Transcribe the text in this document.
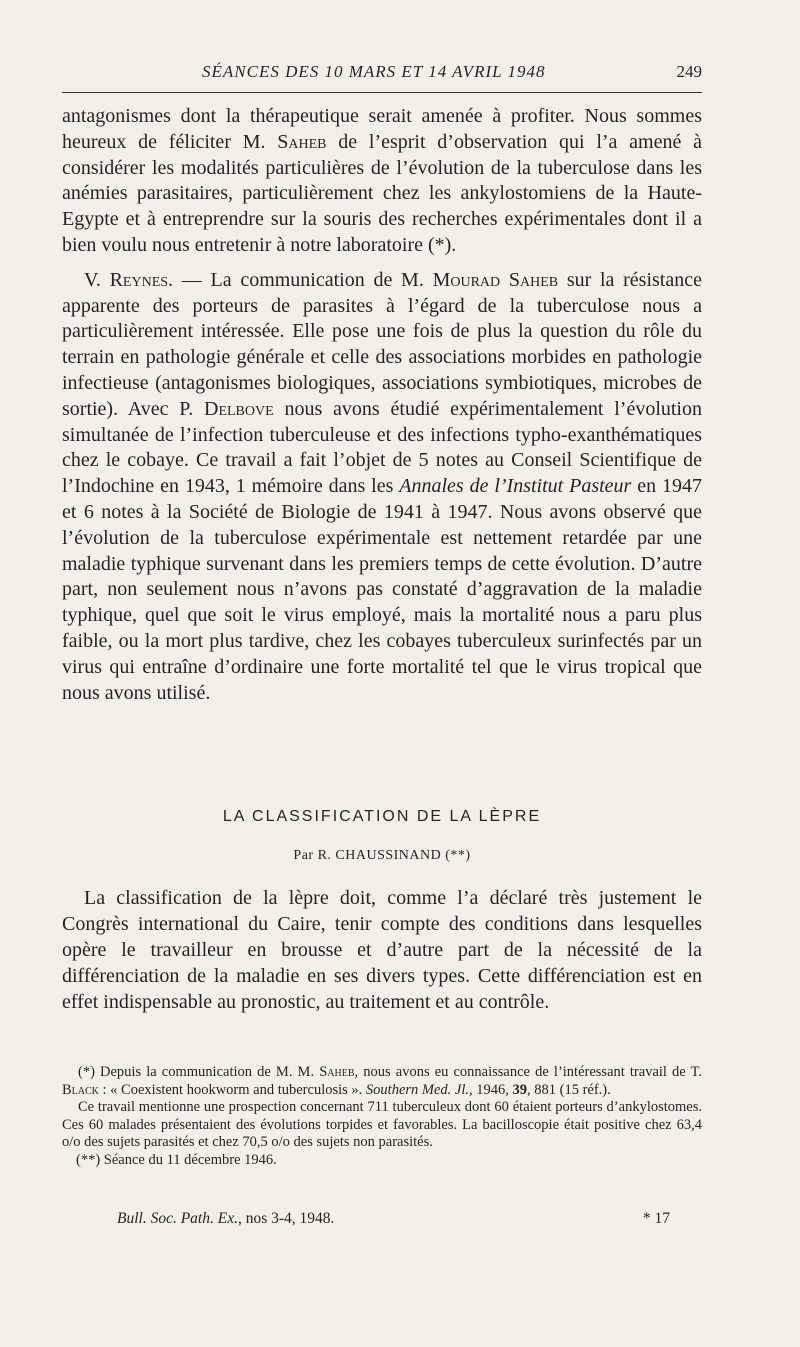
SÉANCES DES 10 MARS ET 14 AVRIL 1948	249

antagonismes dont la thérapeutique serait amenée à profiter. Nous sommes heureux de féliciter M. Saheb de l’esprit d’observation qui l’a amené à considérer les modalités particulières de l’évolution de la tuberculose dans les anémies parasitaires, particulièrement chez les ankylostomiens de la Haute-Egypte et à entreprendre sur la souris des recherches expérimentales dont il a bien voulu nous entretenir à notre laboratoire (*).

V. Reynes. — La communication de M. Mourad Saheb sur la résistance apparente des porteurs de parasites à l’égard de la tuberculose nous a particulièrement intéressée. Elle pose une fois de plus la question du rôle du terrain en pathologie générale et celle des associations morbides en pathologie infectieuse (antagonismes biologiques, associations symbiotiques, microbes de sortie). Avec P. Delbove nous avons étudié expérimentalement l’évolution simultanée de l’infection tuberculeuse et des infections typho-exanthématiques chez le cobaye. Ce travail a fait l’objet de 5 notes au Conseil Scientifique de l’Indochine en 1943, 1 mémoire dans les Annales de l’Institut Pasteur en 1947 et 6 notes à la Société de Biologie de 1941 à 1947. Nous avons observé que l’évolution de la tuberculose expérimentale est nettement retardée par une maladie typhique survenant dans les premiers temps de cette évolution. D’autre part, non seulement nous n’avons pas constaté d’aggravation de la maladie typhique, quel que soit le virus employé, mais la mortalité nous a paru plus faible, ou la mort plus tardive, chez les cobayes tuberculeux surinfectés par un virus qui entraîne d’ordinaire une forte mortalité tel que le virus tropical que nous avons utilisé.

LA CLASSIFICATION DE LA LÈPRE
Par R. CHAUSSINAND (**)

La classification de la lèpre doit, comme l’a déclaré très justement le Congrès international du Caire, tenir compte des conditions dans lesquelles opère le travailleur en brousse et d’autre part de la nécessité de la différenciation de la maladie en ses divers types. Cette différenciation est en effet indispensable au pronostic, au traitement et au contrôle.

(*) Depuis la communication de M. M. Saheb, nous avons eu connaissance de l’intéressant travail de T. Black : « Coexistent hookworm and tuberculosis ». Southern Med. Jl., 1946, 39, 881 (15 réf.).

Ce travail mentionne une prospection concernant 711 tuberculeux dont 60 étaient porteurs d’ankylostomes. Ces 60 malades présentaient des évolutions torpides et favorables. La bacilloscopie était positive chez 63,4 o/o des sujets parasités et chez 70,5 o/o des sujets non parasités.

(**) Séance du 11 décembre 1946.

Bull. Soc. Path. Ex., nos 3-4, 1948.	* 17
